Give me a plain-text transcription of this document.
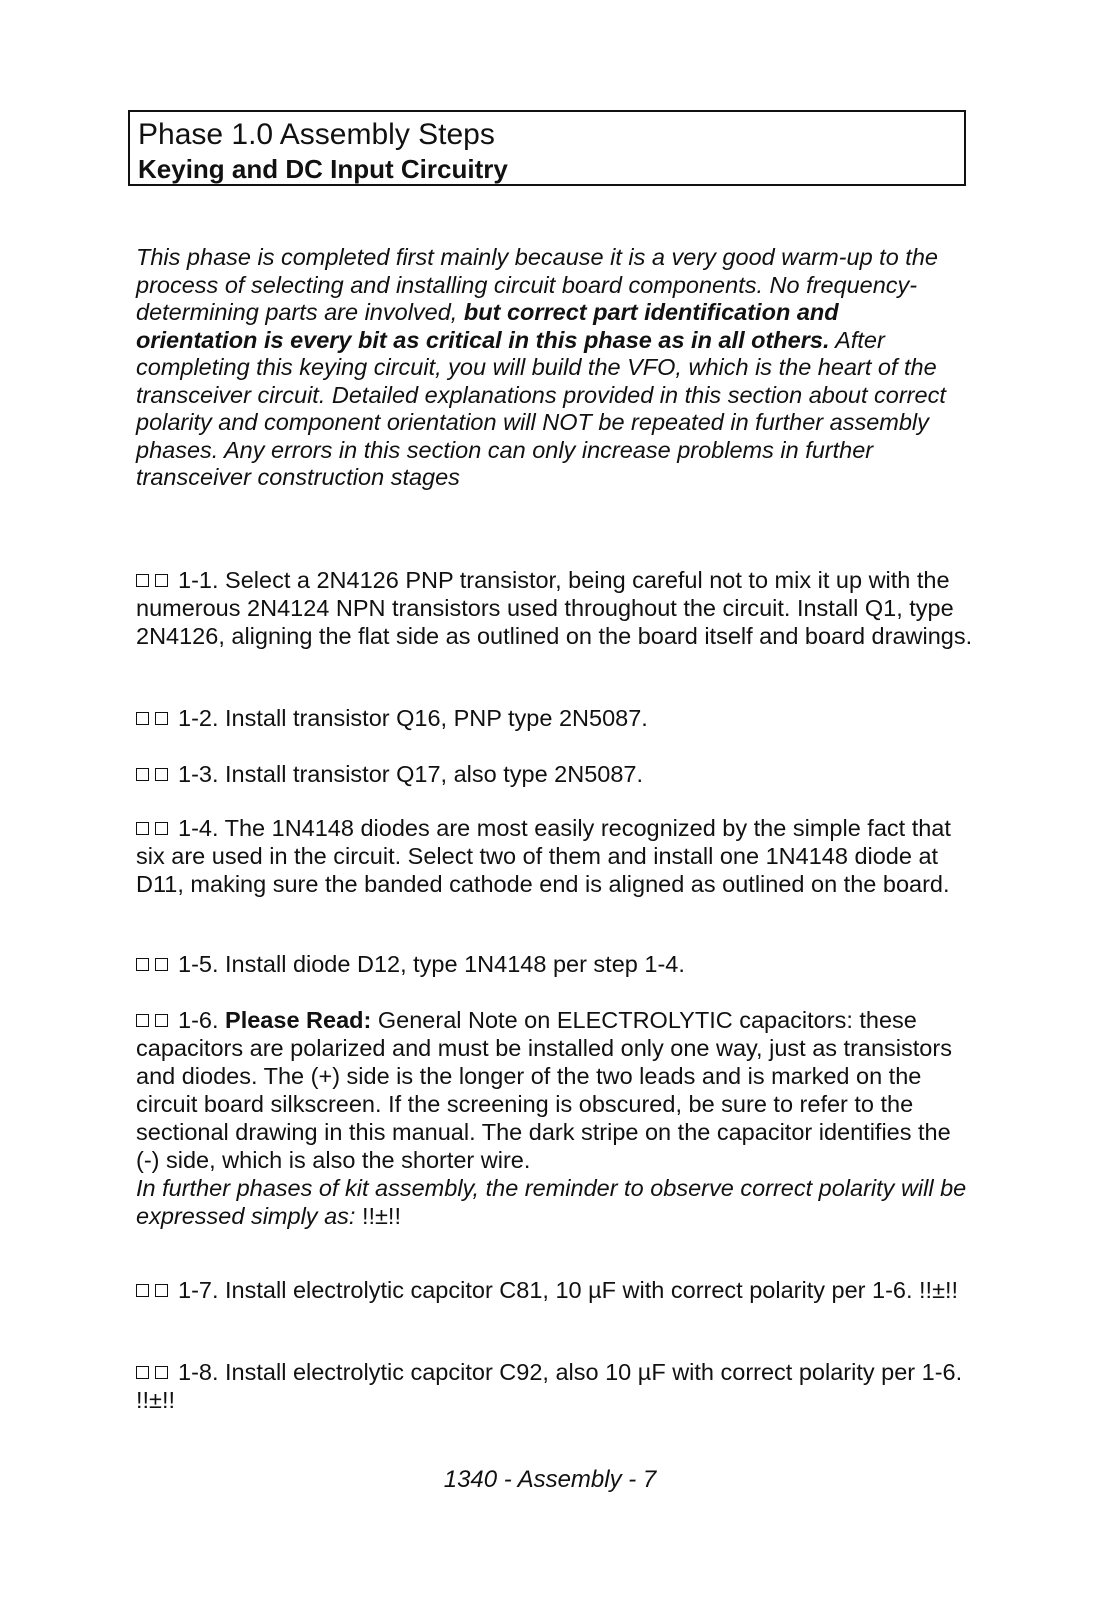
Phase 1.0 Assembly Steps
Keying and DC Input Circuitry

This phase is completed first mainly because it is a very good warm-up to the process of selecting and installing circuit board components. No frequency-determining parts are involved, but correct part identification and orientation is every bit as critical in this phase as in all others. After completing this keying circuit, you will build the VFO, which is the heart of the transceiver circuit. Detailed explanations provided in this section about correct polarity and component orientation will NOT be repeated in further assembly phases. Any errors in this section can only increase problems in further transceiver construction stages

1-1. Select a 2N4126 PNP transistor, being careful not to mix it up with the numerous 2N4124 NPN transistors used throughout the circuit. Install Q1, type 2N4126, aligning the flat side as outlined on the board itself and board drawings.

1-2. Install transistor Q16, PNP type 2N5087.

1-3. Install transistor Q17, also type 2N5087.

1-4. The 1N4148 diodes are most easily recognized by the simple fact that six are used in the circuit. Select two of them and install one 1N4148 diode at D11, making sure the banded cathode end is aligned as outlined on the board.

1-5. Install diode D12, type 1N4148 per step 1-4.

1-6. Please Read: General Note on ELECTROLYTIC capacitors: these capacitors are polarized and must be installed only one way, just as transistors and diodes. The (+) side is the longer of the two leads and is marked on the circuit board silkscreen. If the screening is obscured, be sure to refer to the sectional drawing in this manual. The dark stripe on the capacitor identifies the (-) side, which is also the shorter wire.
In further phases of kit assembly, the reminder to observe correct polarity will be expressed simply as: !!±!!

1-7. Install electrolytic capcitor C81, 10 µF with correct polarity per 1-6. !!±!!

1-8. Install electrolytic capcitor C92, also 10 µF with correct polarity per 1-6. !!±!!

1340 - Assembly - 7
